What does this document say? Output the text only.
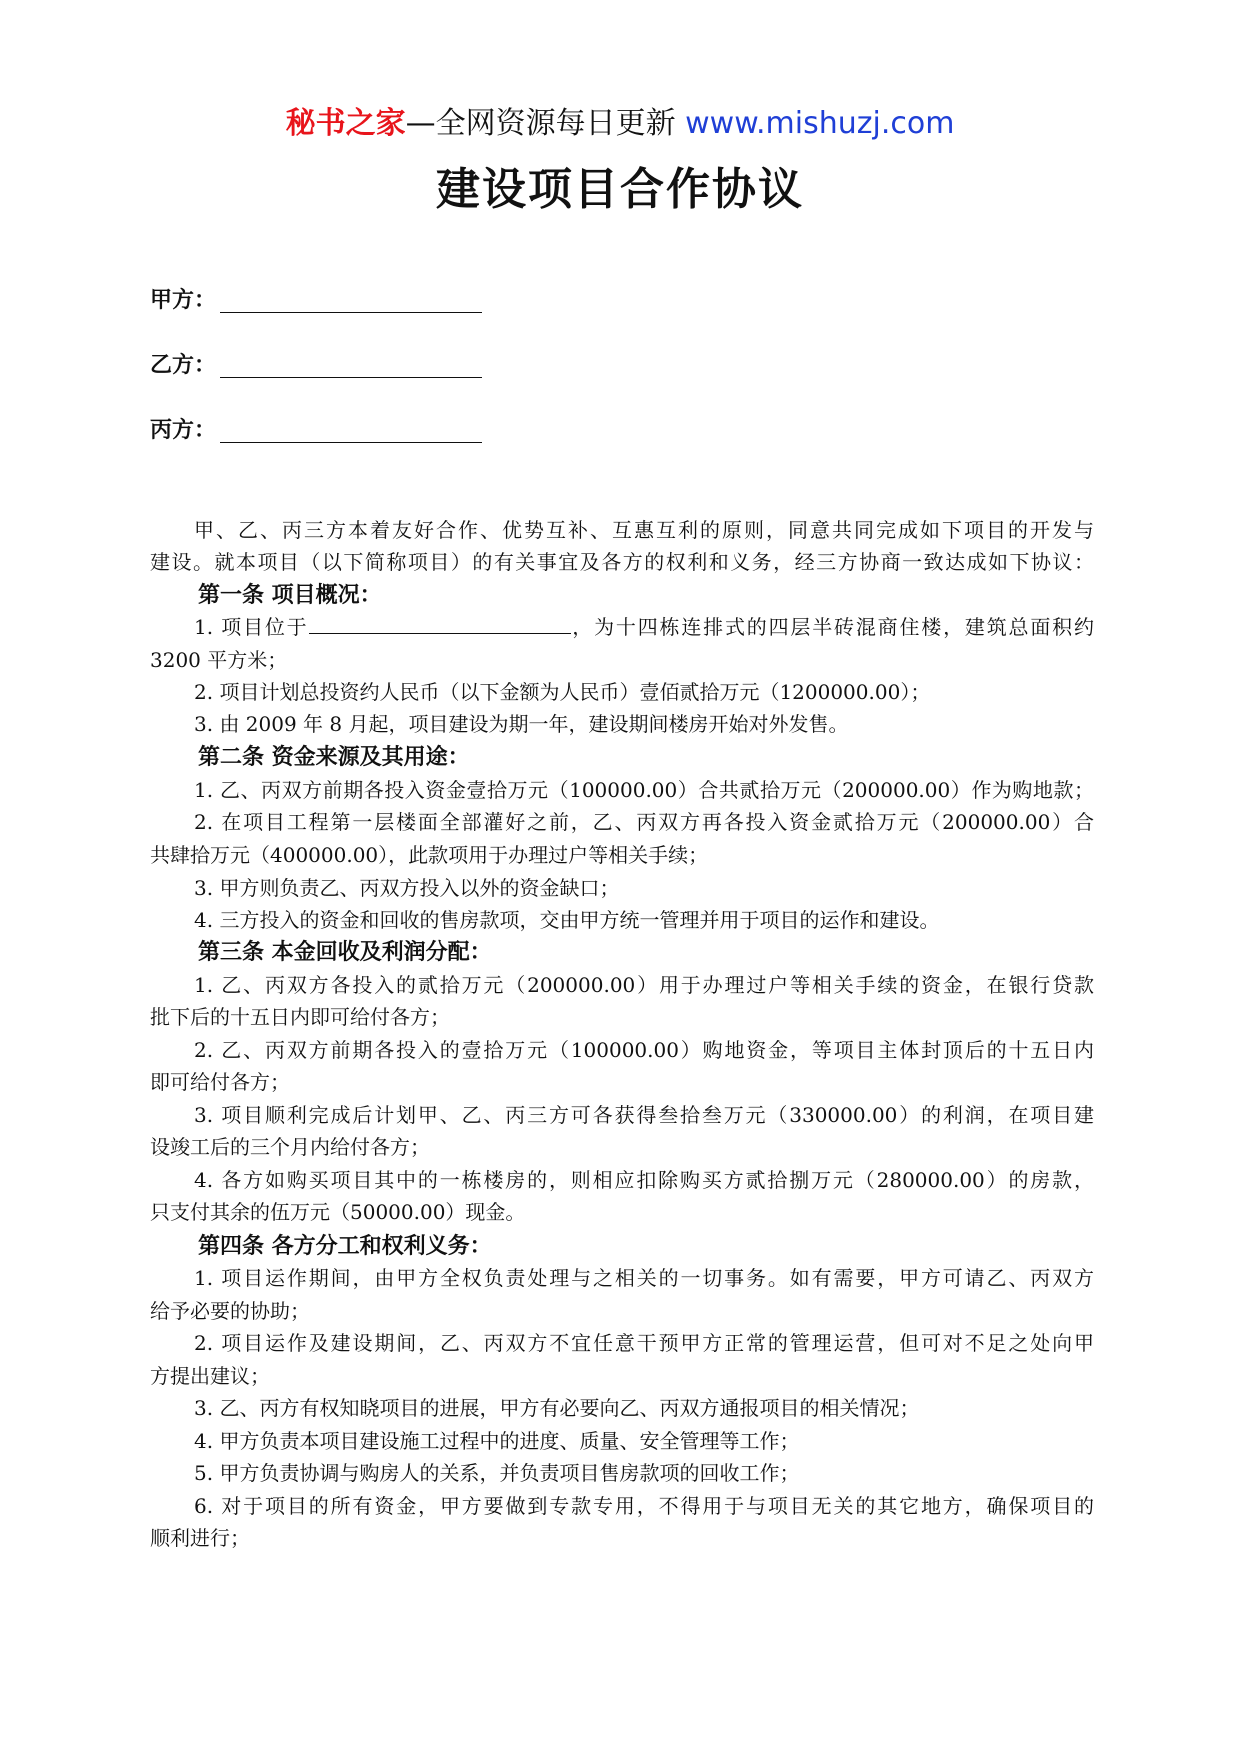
秘书之家—全网资源每日更新 www.mishuzj.com
建设项目合作协议
甲方：
乙方：
丙方：
甲、乙、丙三方本着友好合作、优势互补、互惠互利的原则，同意共同完成如下项目的开发与
建设。就本项目（以下简称项目）的有关事宜及各方的权利和义务，经三方协商一致达成如下协议：
第一条 项目概况：
1. 项目位于	，为十四栋连排式的四层半砖混商住楼，建筑总面积约
3200 平方米；
2. 项目计划总投资约人民币（以下金额为人民币）壹佰贰拾万元（1200000.00）；
3. 由 2009 年 8 月起，项目建设为期一年，建设期间楼房开始对外发售。
第二条 资金来源及其用途：
1. 乙、丙双方前期各投入资金壹拾万元（100000.00）合共贰拾万元（200000.00）作为购地款；
2. 在项目工程第一层楼面全部灌好之前，乙、丙双方再各投入资金贰拾万元（200000.00）合
共肆拾万元（400000.00），此款项用于办理过户等相关手续；
3. 甲方则负责乙、丙双方投入以外的资金缺口；
4. 三方投入的资金和回收的售房款项，交由甲方统一管理并用于项目的运作和建设。
第三条 本金回收及利润分配：
1. 乙、丙双方各投入的贰拾万元（200000.00）用于办理过户等相关手续的资金，在银行贷款
批下后的十五日内即可给付各方；
2. 乙、丙双方前期各投入的壹拾万元（100000.00）购地资金，等项目主体封顶后的十五日内
即可给付各方；
3. 项目顺利完成后计划甲、乙、丙三方可各获得叁拾叁万元（330000.00）的利润，在项目建
设竣工后的三个月内给付各方；
4. 各方如购买项目其中的一栋楼房的，则相应扣除购买方贰拾捌万元（280000.00）的房款，
只支付其余的伍万元（50000.00）现金。
第四条 各方分工和权利义务：
1. 项目运作期间，由甲方全权负责处理与之相关的一切事务。如有需要，甲方可请乙、丙双方
给予必要的协助；
2. 项目运作及建设期间，乙、丙双方不宜任意干预甲方正常的管理运营，但可对不足之处向甲
方提出建议；
3. 乙、丙方有权知晓项目的进展，甲方有必要向乙、丙双方通报项目的相关情况；
4. 甲方负责本项目建设施工过程中的进度、质量、安全管理等工作；
5. 甲方负责协调与购房人的关系，并负责项目售房款项的回收工作；
6. 对于项目的所有资金，甲方要做到专款专用，不得用于与项目无关的其它地方，确保项目的
顺利进行；
